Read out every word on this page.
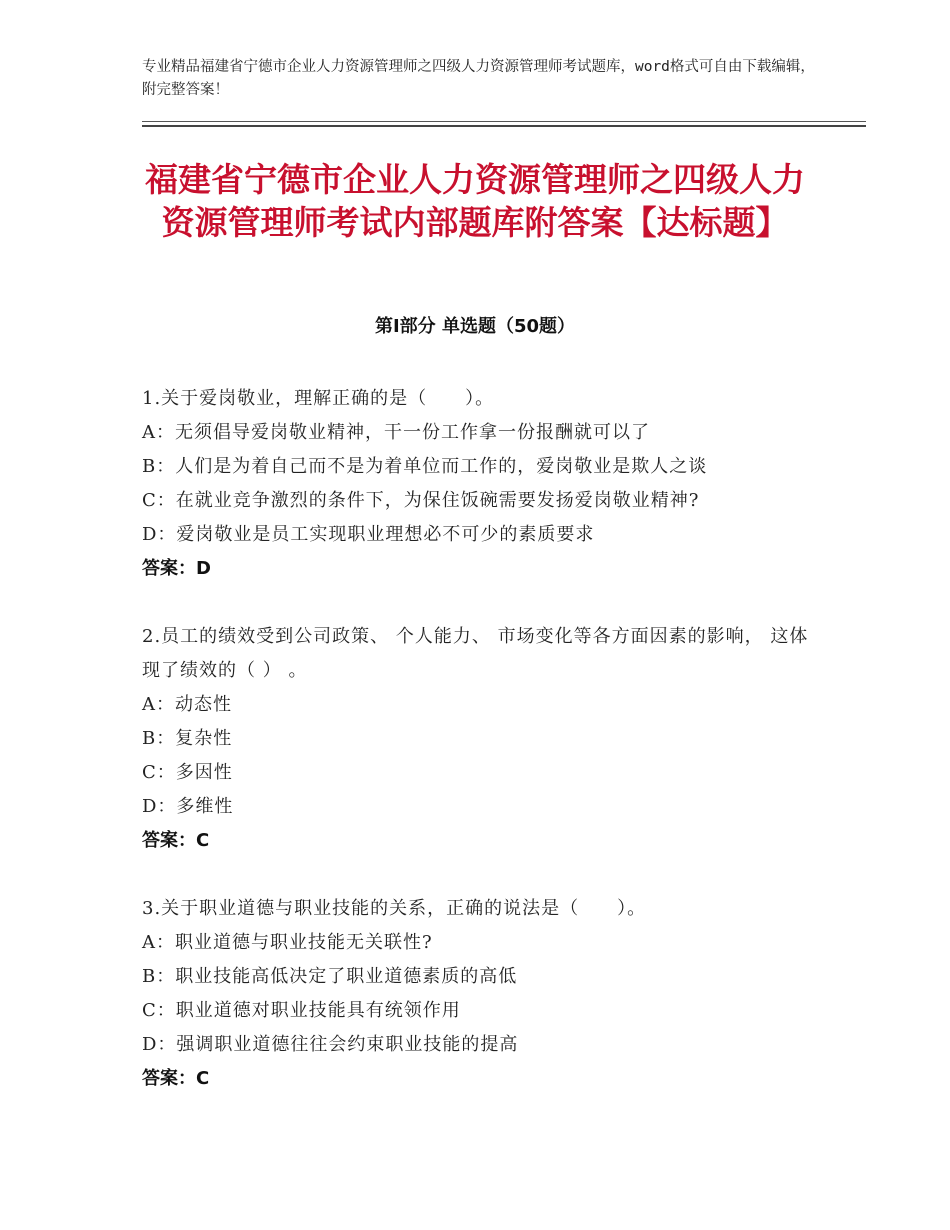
专业精品福建省宁德市企业人力资源管理师之四级人力资源管理师考试题库，word格式可自由下载编辑，附完整答案！
福建省宁德市企业人力资源管理师之四级人力资源管理师考试内部题库附答案【达标题】
第Ⅰ部分 单选题（50题）
1.关于爱岗敬业，理解正确的是（　　）。
A：无须倡导爱岗敬业精神，干一份工作拿一份报酬就可以了
B：人们是为着自己而不是为着单位而工作的，爱岗敬业是欺人之谈
C：在就业竞争激烈的条件下，为保住饭碗需要发扬爱岗敬业精神?
D：爱岗敬业是员工实现职业理想必不可少的素质要求
答案：D
2.员工的绩效受到公司政策、 个人能力、 市场变化等各方面因素的影响， 这体现了绩效的（ ） 。
A：动态性
B：复杂性
C：多因性
D：多维性
答案：C
3.关于职业道德与职业技能的关系，正确的说法是（　　）。
A：职业道德与职业技能无关联性?
B：职业技能高低决定了职业道德素质的高低
C：职业道德对职业技能具有统领作用
D：强调职业道德往往会约束职业技能的提高
答案：C
